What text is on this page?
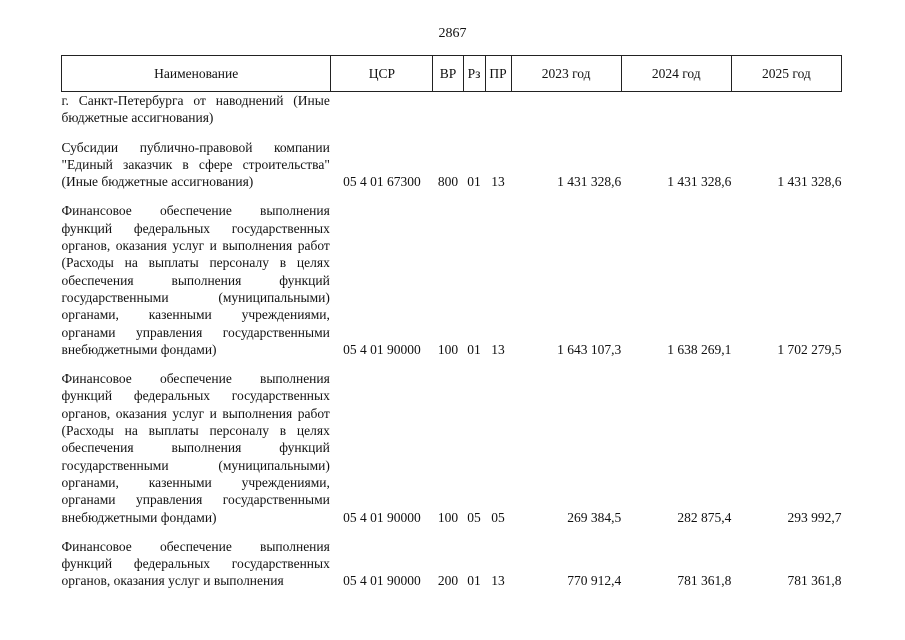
2867
Наименование	ЦСР	ВР	Рз	ПР	2023 год	2024 год	2025 год
г. Санкт-Петербурга от наводнений (Иные бюджетные ассигнования)							

Субсидии публично-правовой компании "Единый заказчик в сфере строительства" (Иные бюджетные ассигнования)	05 4 01 67300	800	01	13	1 431 328,6	1 431 328,6	1 431 328,6

Финансовое обеспечение выполнения функций федеральных государственных органов, оказания услуг и выполнения работ (Расходы на выплаты персоналу в целях обеспечения выполнения функций государственными (муниципальными) органами, казенными учреждениями, органами управления государственными внебюджетными фондами)	05 4 01 90000	100	01	13	1 643 107,3	1 638 269,1	1 702 279,5

Финансовое обеспечение выполнения функций федеральных государственных органов, оказания услуг и выполнения работ (Расходы на выплаты персоналу в целях обеспечения выполнения функций государственными (муниципальными) органами, казенными учреждениями, органами управления государственными внебюджетными фондами)	05 4 01 90000	100	05	05	269 384,5	282 875,4	293 992,7

Финансовое обеспечение выполнения функций федеральных государственных органов, оказания услуг и выполнения	05 4 01 90000	200	01	13	770 912,4	781 361,8	781 361,8
